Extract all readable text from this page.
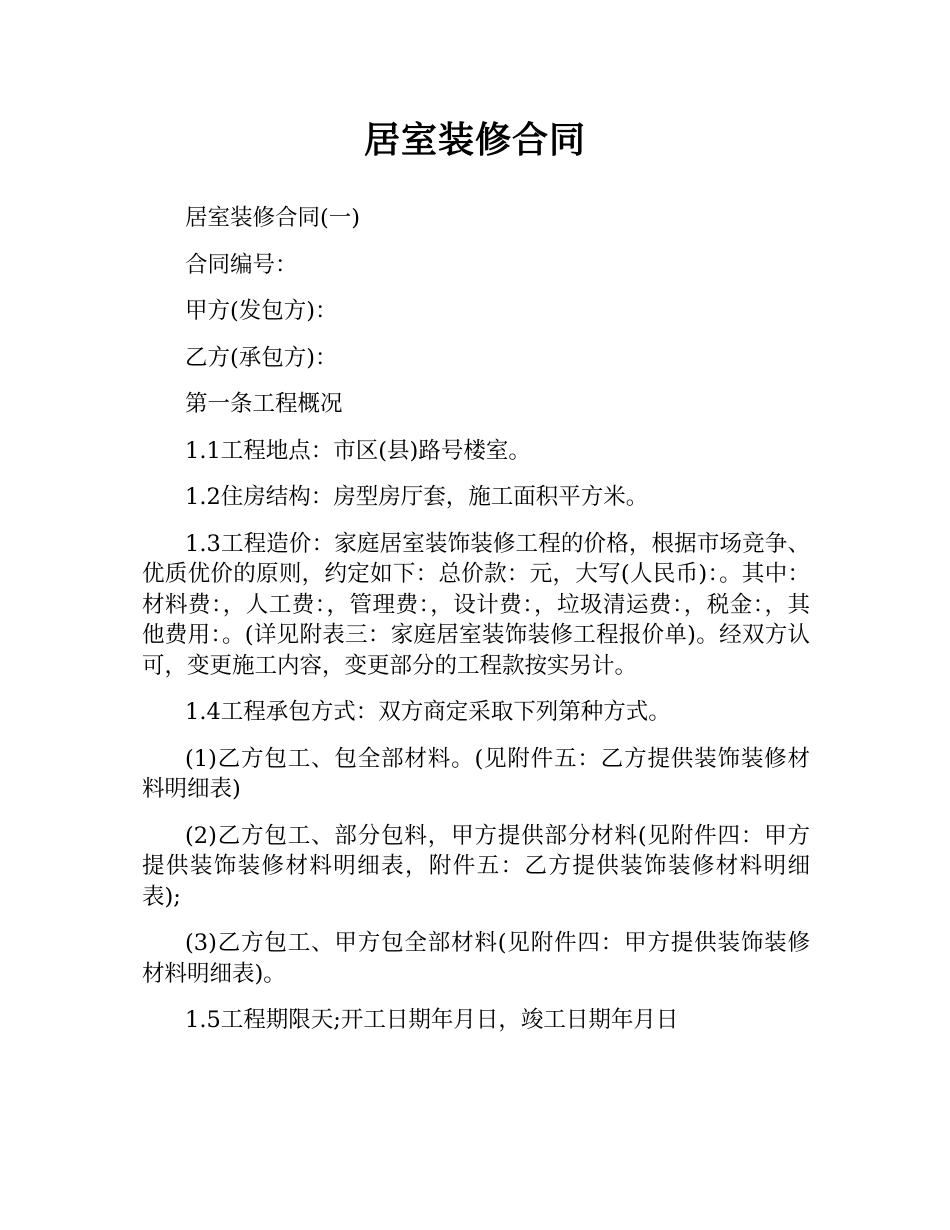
居室装修合同

居室装修合同(一)

合同编号：

甲方(发包方)：

乙方(承包方)：

第一条工程概况

1.1工程地点：市区(县)路号楼室。

1.2住房结构：房型房厅套，施工面积平方米。

1.3工程造价：家庭居室装饰装修工程的价格，根据市场竞争、优质优价的原则，约定如下：总价款：元，大写(人民币)：。其中：材料费：，人工费：，管理费：，设计费：，垃圾清运费：，税金：，其他费用：。(详见附表三：家庭居室装饰装修工程报价单)。经双方认可，变更施工内容，变更部分的工程款按实另计。

1.4工程承包方式：双方商定采取下列第种方式。

(1)乙方包工、包全部材料。(见附件五：乙方提供装饰装修材料明细表)

(2)乙方包工、部分包料，甲方提供部分材料(见附件四：甲方提供装饰装修材料明细表，附件五：乙方提供装饰装修材料明细表);

(3)乙方包工、甲方包全部材料(见附件四：甲方提供装饰装修材料明细表)。

1.5工程期限天;开工日期年月日，竣工日期年月日
